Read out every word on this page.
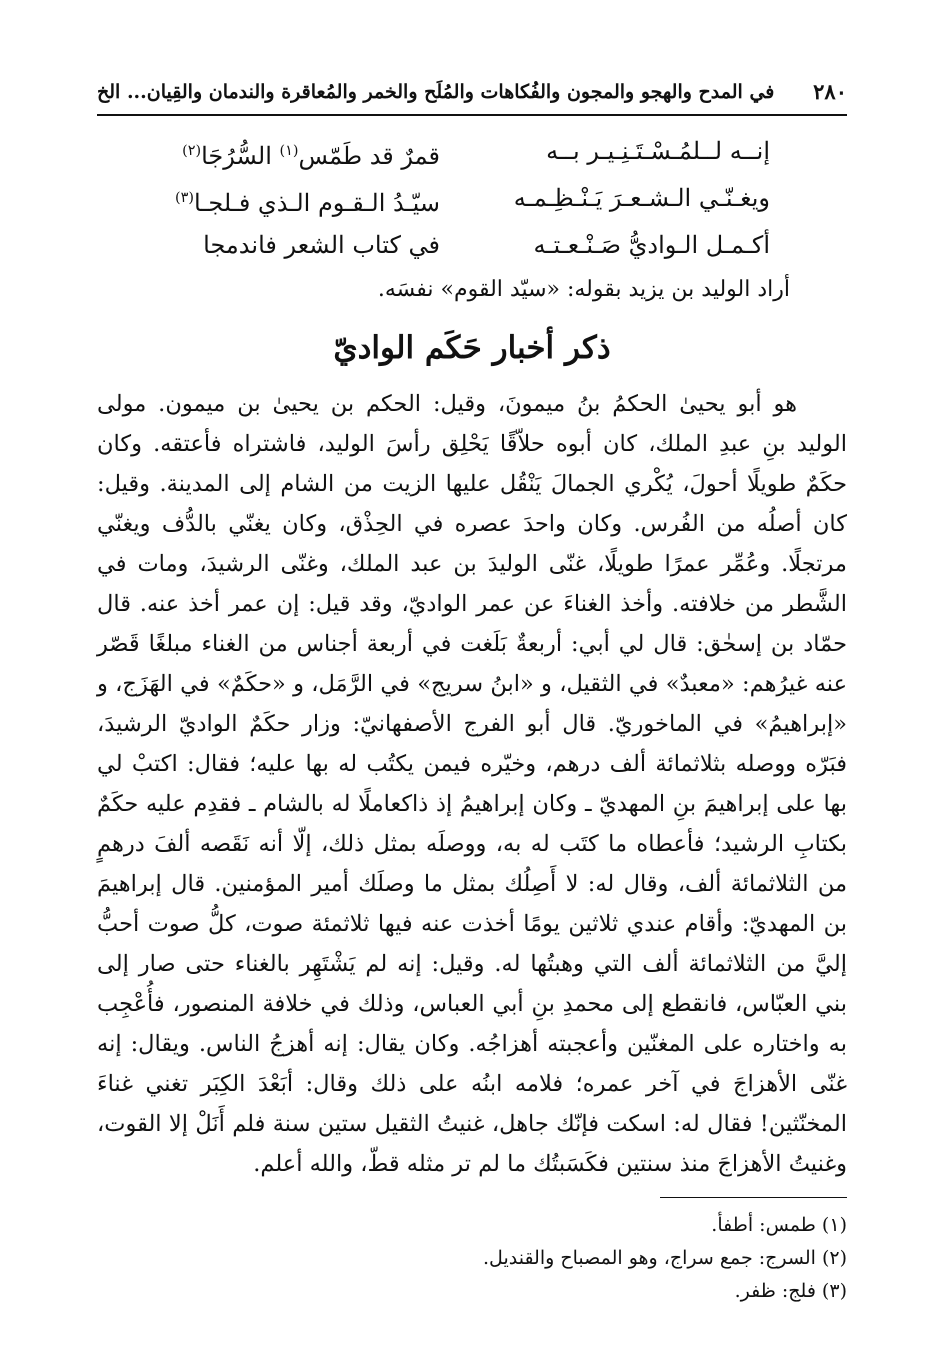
٢٨٠
في المدح والهجو والمجون والفُكاهات والمُلَح والخمر والمُعاقرة والندمان والقِيان... الخ
إنــه لــلمُـسْـتَـنِـيـر بــه
قمرٌ قد طَمّس$^{(١)}$ السُّرُجَا$^{(٢)}$
ويغـنّـي الـشـعـرَ يَـنْـظِـمـه
سيّـدُ الـقـوم الـذي فـلجـا$^{(٣)}$
أكـمـل الـواديُّ صَـنْـعـتـه
في كتاب الشعر فاندمجا
أراد الوليد بن يزيد بقوله: «سيّد القوم» نفسَه.
ذكر أخبار حَكَم الواديّ

هو أبو يحيىٰ الحكمُ بنُ ميمونَ، وقيل: الحكم بن يحيىٰ بن ميمون. مولى الوليد بنِ عبدِ الملك، كان أبوه حلاّقًا يَحْلِق رأسَ الوليد، فاشتراه فأعتقه. وكان حكَمٌ طويلًا أحولَ، يُكْري الجمالَ يَنْقُل عليها الزيت من الشام إلى المدينة. وقيل: كان أصلُه من الفُرس. وكان واحدَ عصره في الحِذْق، وكان يغنّي بالدُّف ويغنّي مرتجلًا. وعُمِّر عمرًا طويلًا، غنّى الوليدَ بن عبد الملك، وغنّى الرشيدَ، ومات في الشَّطر من خلافته. وأخذ الغناءَ عن عمر الواديّ، وقد قيل: إن عمر أخذ عنه. قال حمّاد بن إسحٰق: قال لي أبي: أربعةٌ بَلَغت في أربعة أجناس من الغناء مبلغًا قَصّر عنه غيرُهم: «معبدٌ» في الثقيل، و «ابنُ سريج» في الرَّمَل، و «حكَمٌ» في الهَزَج، و «إبراهيمُ» في الماخوريّ. قال أبو الفرج الأصفهانيّ: وزار حكَمٌ الواديّ الرشيدَ، فبَرّه ووصله بثلاثمائة ألف درهم، وخيّره فيمن يكتُب له بها عليه؛ فقال: اكتبْ لي بها على إبراهيمَ بنِ المهديّ ـ وكان إبراهيمُ إذ ذاكعاملًا له بالشام ـ فقدِم عليه حكَمٌ بكتابِ الرشيد؛ فأعطاه ما كتَب له به، ووصلَه بمثل ذلك، إلّا أنه نَقَصه ألفَ درهمٍ من الثلاثمائة ألف، وقال له: لا أَصِلُك بمثل ما وصلَك أمير المؤمنين. قال إبراهيمَ بن المهديّ: وأقام عندي ثلاثين يومًا أخذت عنه فيها ثلاثمئة صوت، كلُّ صوت أحبُّ إليَّ من الثلاثمائة ألف التي وهبتُها له. وقيل: إنه لم يَشْتَهِر بالغناء حتى صار إلى بني العبّاس، فانقطع إلى محمدِ بنِ أبي العباس، وذلك في خلافة المنصور، فأُعْجِب به واختاره على المغنّين وأعجبته أهزاجُه. وكان يقال: إنه أهزجُ الناس. ويقال: إنه غنّى الأهزاجَ في آخر عمره؛ فلامه ابنُه على ذلك وقال: أبَعْدَ الكِبَر تغني غناءَ المخنّثين! فقال له: اسكت فإنّك جاهل، غنيتُ الثقيل ستين سنة فلم أَنَلْ إلا القوت، وغنيتُ الأهزاجَ منذ سنتين فكَسَبتُك ما لم تر مثله قطّ، والله أعلم.

(١) طمس: أطفأ.
(٢) السرج: جمع سراج، وهو المصباح والقنديل.
(٣) فلج: ظفر.
